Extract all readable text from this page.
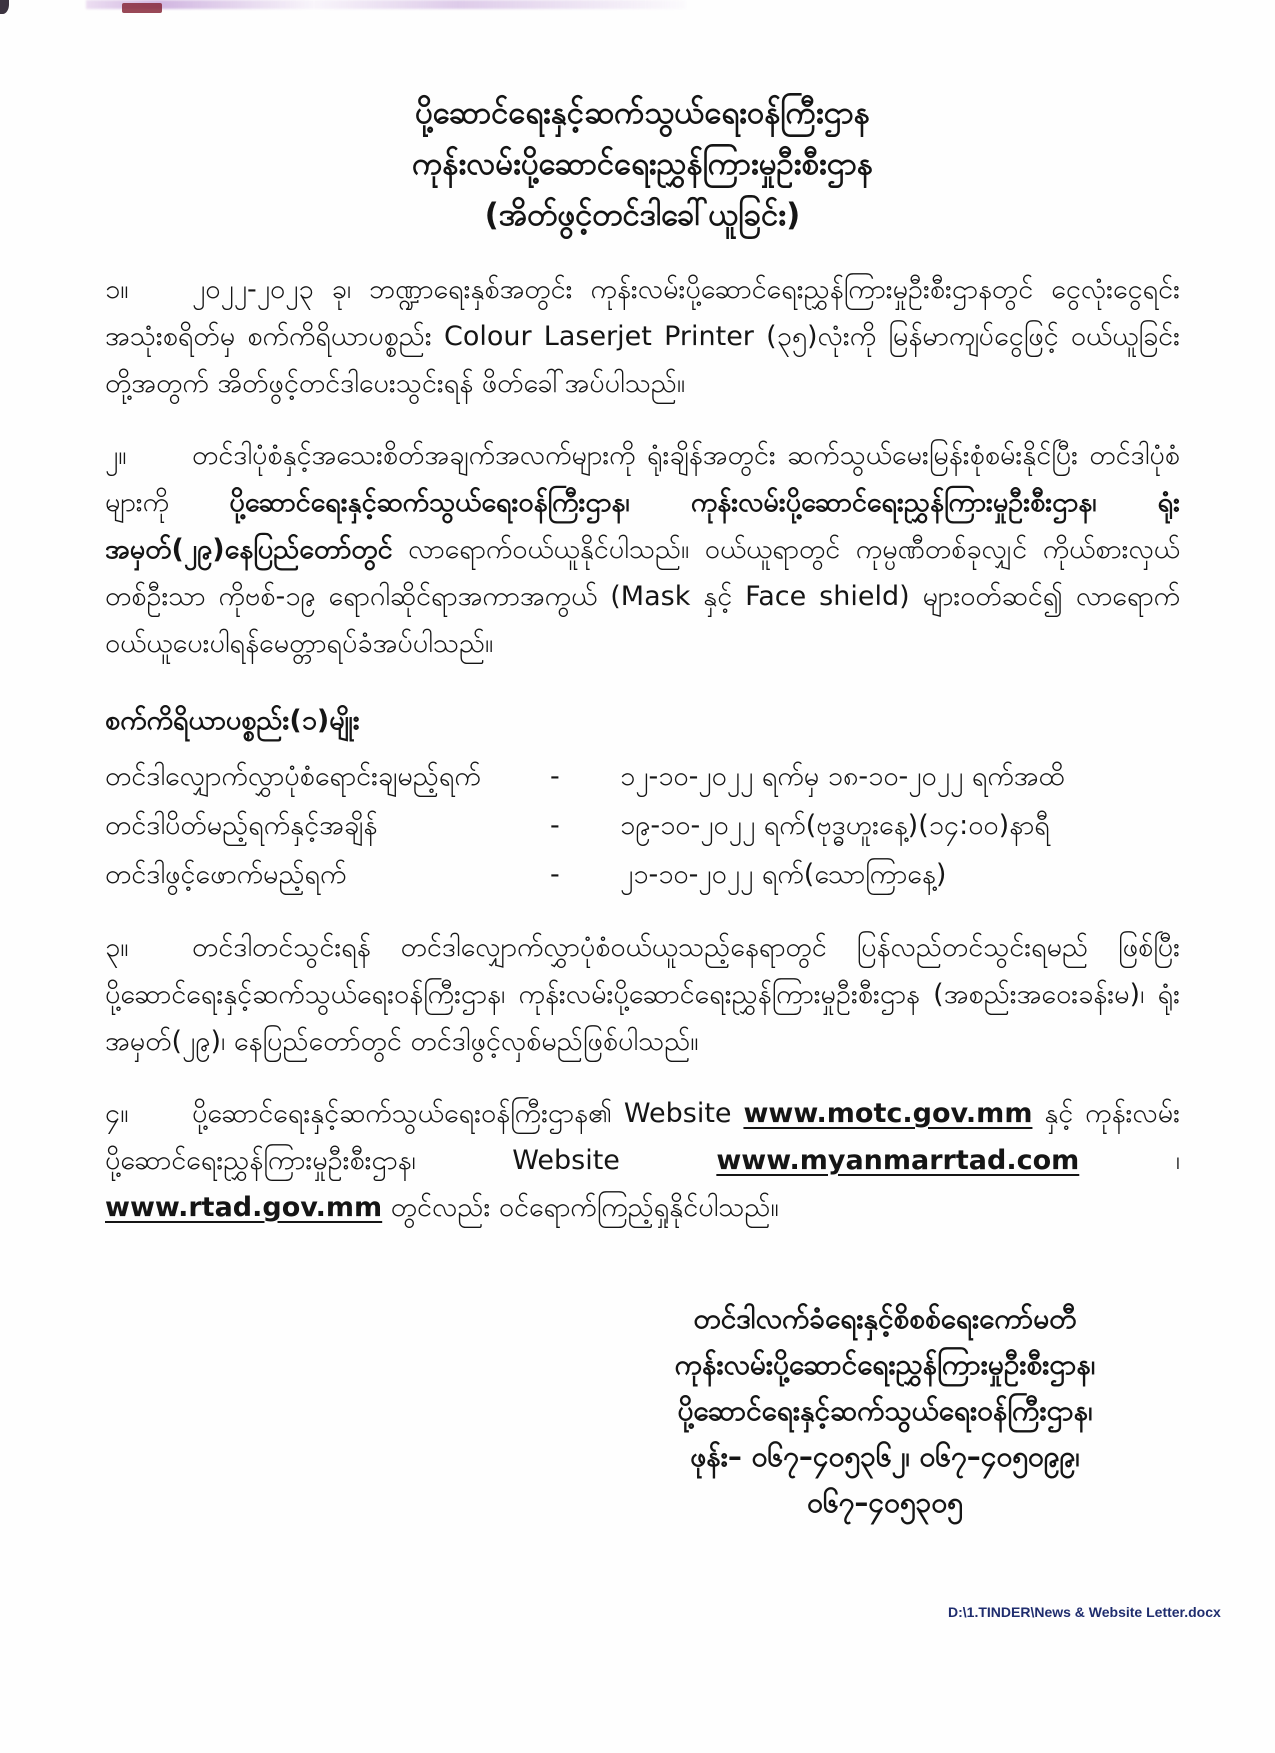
ပို့ဆောင်ရေးနှင့်ဆက်သွယ်ရေးဝန်ကြီးဌာန
ကုန်းလမ်းပို့ဆောင်ရေးညွှန်ကြားမှုဦးစီးဌာန
(အိတ်ဖွင့်တင်ဒါခေါ်ယူခြင်း)

၁။ ၂၀၂၂-၂၀၂၃ ခု၊ ဘဏ္ဍာရေးနှစ်အတွင်း ကုန်းလမ်းပို့ဆောင်ရေးညွှန်ကြားမှုဦးစီးဌာနတွင် ငွေလုံးငွေရင်းအသုံးစရိတ်မှ စက်ကိရိယာပစ္စည်း Colour Laserjet Printer (၃၅)လုံးကို မြန်မာကျပ်ငွေဖြင့် ဝယ်ယူခြင်းတို့အတွက် အိတ်ဖွင့်တင်ဒါပေးသွင်းရန် ဖိတ်ခေါ်အပ်ပါသည်။

၂။ တင်ဒါပုံစံနှင့်အသေးစိတ်အချက်အလက်များကို ရုံးချိန်အတွင်း ဆက်သွယ်မေးမြန်းစုံစမ်းနိုင်ပြီး တင်ဒါပုံစံများကို ပို့ဆောင်ရေးနှင့်ဆက်သွယ်ရေးဝန်ကြီးဌာန၊ ကုန်းလမ်းပို့ဆောင်ရေးညွှန်ကြားမှုဦးစီးဌာန၊ ရုံးအမှတ်(၂၉)နေပြည်တော်တွင် လာရောက်ဝယ်ယူနိုင်ပါသည်။ ဝယ်ယူရာတွင် ကုမ္ပဏီတစ်ခုလျှင် ကိုယ်စားလှယ်တစ်ဦးသာ ကိုဗစ်-၁၉ ရောဂါဆိုင်ရာအကာအကွယ် (Mask နှင့် Face shield) များဝတ်ဆင်၍ လာရောက်ဝယ်ယူပေးပါရန်မေတ္တာရပ်ခံအပ်ပါသည်။

စက်ကိရိယာပစ္စည်း(၁)မျိုး
တင်ဒါလျှောက်လွှာပုံစံရောင်းချမည့်ရက်	-	၁၂-၁၀-၂၀၂၂ ရက်မှ ၁၈-၁၀-၂၀၂၂ ရက်အထိ
တင်ဒါပိတ်မည့်ရက်နှင့်အချိန်	-	၁၉-၁၀-၂၀၂၂ ရက်(ဗုဒ္ဓဟူးနေ့)(၁၄:၀၀)နာရီ
တင်ဒါဖွင့်ဖောက်မည့်ရက်	-	၂၁-၁၀-၂၀၂၂ ရက်(သောကြာနေ့)

၃။ တင်ဒါတင်သွင်းရန် တင်ဒါလျှောက်လွှာပုံစံဝယ်ယူသည့်နေရာတွင် ပြန်လည်တင်သွင်းရမည် ဖြစ်ပြီး ပို့ဆောင်ရေးနှင့်ဆက်သွယ်ရေးဝန်ကြီးဌာန၊ ကုန်းလမ်းပို့ဆောင်ရေးညွှန်ကြားမှုဦးစီးဌာန (အစည်းအဝေးခန်းမ)၊ ရုံးအမှတ်(၂၉)၊ နေပြည်တော်တွင် တင်ဒါဖွင့်လှစ်မည်ဖြစ်ပါသည်။

၄။ ပို့ဆောင်ရေးနှင့်ဆက်သွယ်ရေးဝန်ကြီးဌာန၏ Website www.motc.gov.mm နှင့် ကုန်းလမ်းပို့ဆောင်ရေးညွှန်ကြားမှုဦးစီးဌာန၊ Website www.myanmarrtad.com ၊ www.rtad.gov.mm တွင်လည်း ဝင်ရောက်ကြည့်ရှုနိုင်ပါသည်။

တင်ဒါလက်ခံရေးနှင့်စိစစ်ရေးကော်မတီ
ကုန်းလမ်းပို့ဆောင်ရေးညွှန်ကြားမှုဦးစီးဌာန၊
ပို့ဆောင်ရေးနှင့်ဆက်သွယ်ရေးဝန်ကြီးဌာန၊
ဖုန်း– ၀၆၇–၄၀၅၃၆၂၊ ၀၆၇–၄၀၅၀၉၉၊
၀၆၇–၄၀၅၃၀၅
D:\1.TINDER\News & Website Letter.docx
